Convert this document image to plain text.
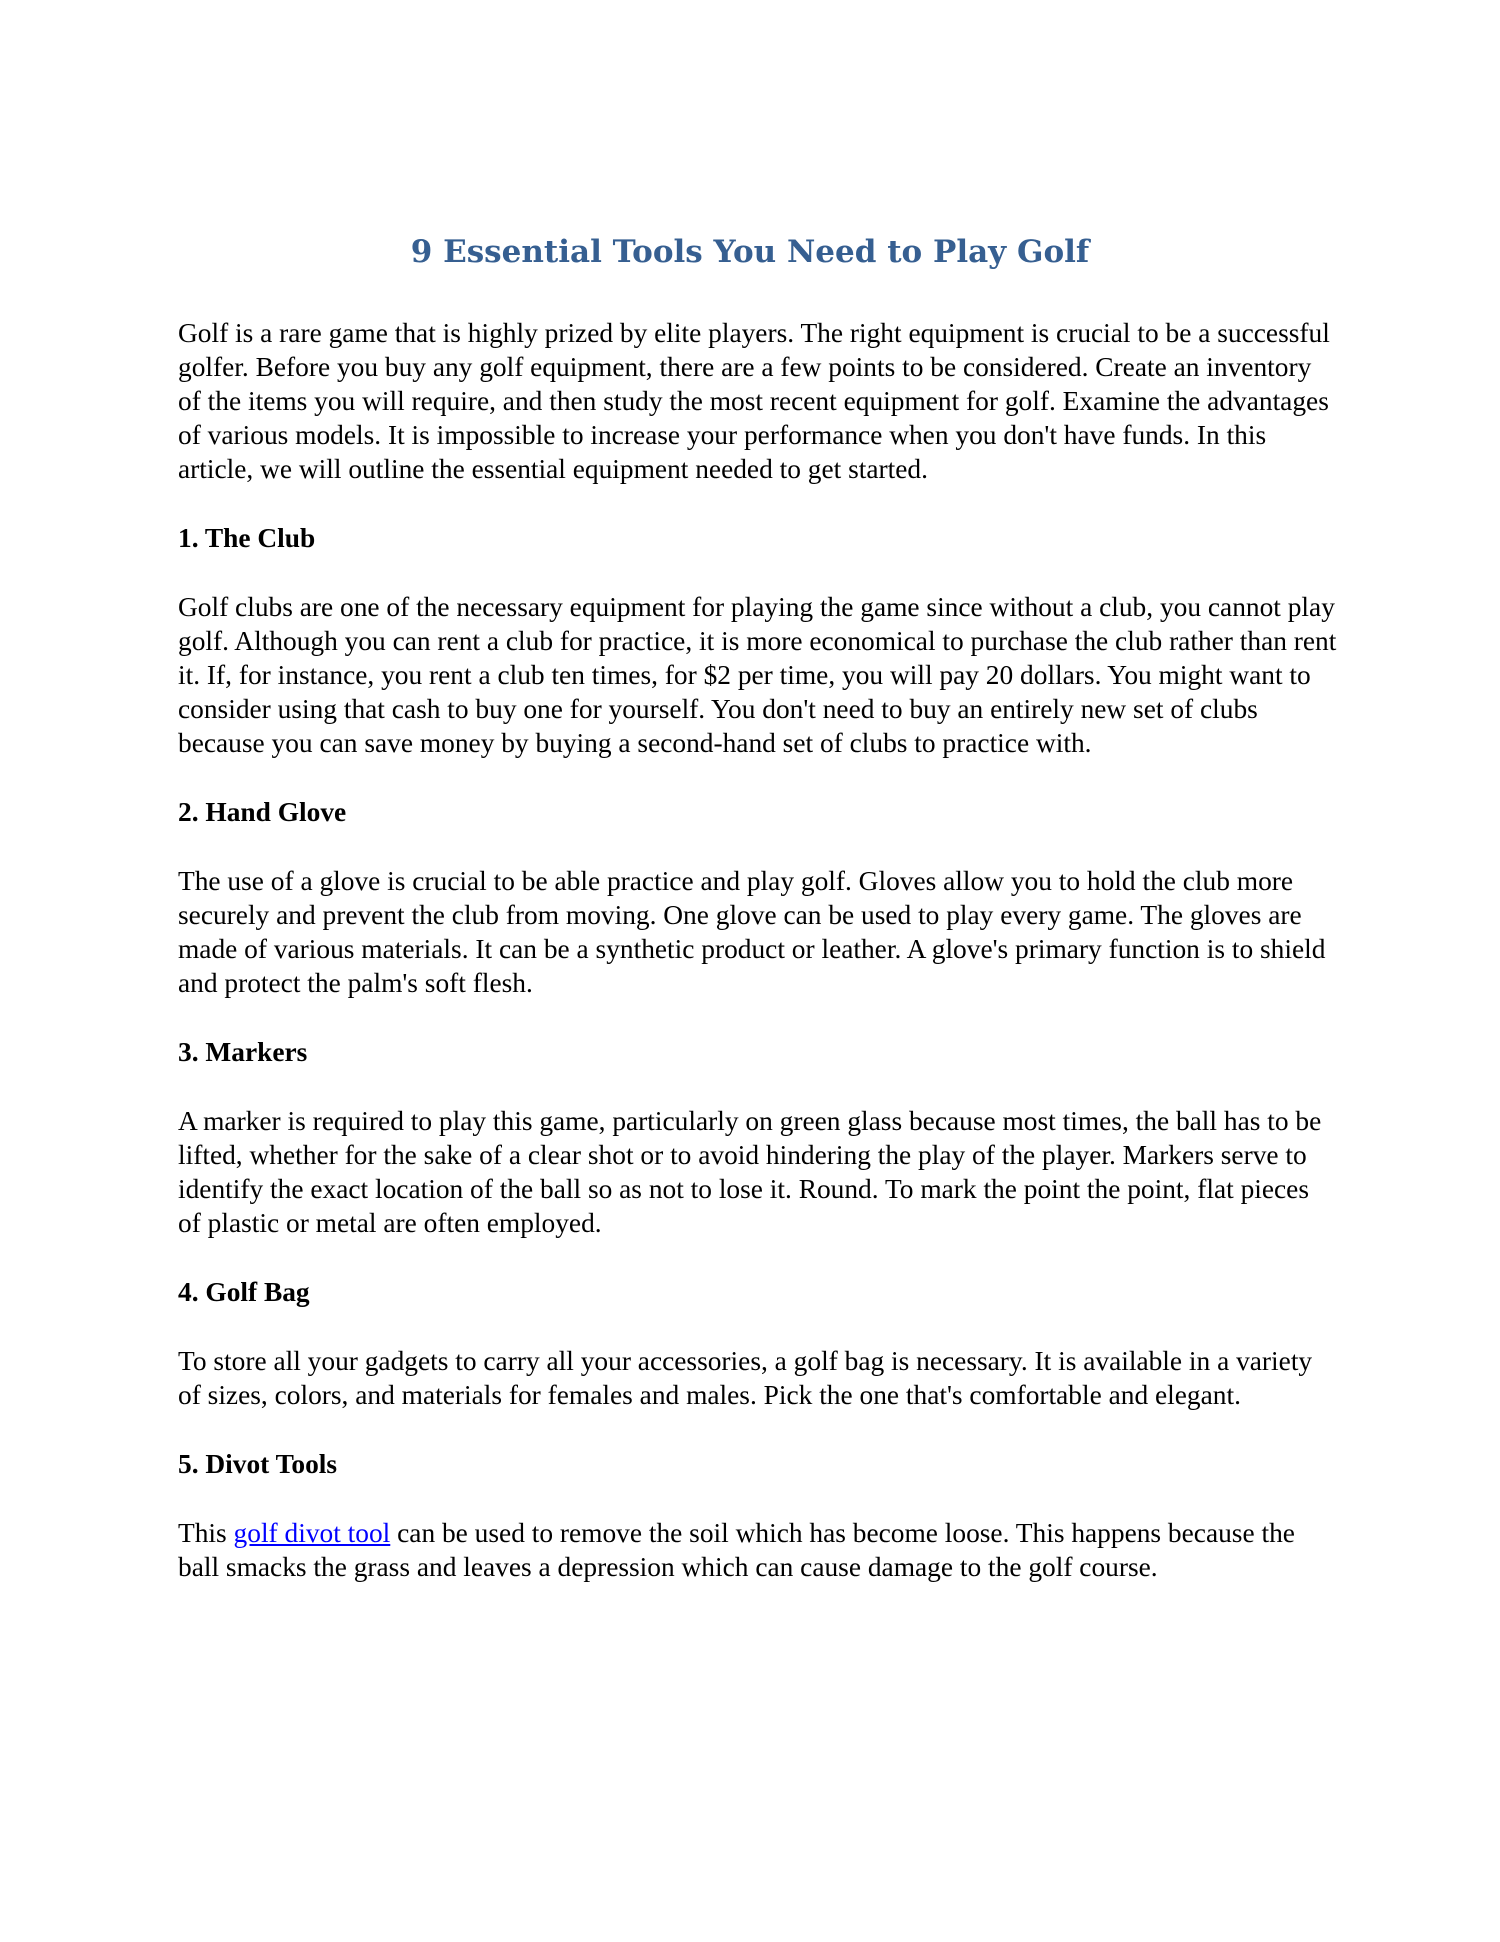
9 Essential Tools You Need to Play Golf

Golf is a rare game that is highly prized by elite players. The right equipment is crucial to be a successful golfer. Before you buy any golf equipment, there are a few points to be considered. Create an inventory of the items you will require, and then study the most recent equipment for golf. Examine the advantages of various models. It is impossible to increase your performance when you don't have funds. In this article, we will outline the essential equipment needed to get started.

1. The Club

Golf clubs are one of the necessary equipment for playing the game since without a club, you cannot play golf. Although you can rent a club for practice, it is more economical to purchase the club rather than rent it. If, for instance, you rent a club ten times, for $2 per time, you will pay 20 dollars. You might want to consider using that cash to buy one for yourself. You don't need to buy an entirely new set of clubs because you can save money by buying a second-hand set of clubs to practice with.

2. Hand Glove

The use of a glove is crucial to be able practice and play golf. Gloves allow you to hold the club more securely and prevent the club from moving. One glove can be used to play every game. The gloves are made of various materials. It can be a synthetic product or leather. A glove's primary function is to shield and protect the palm's soft flesh.

3. Markers

A marker is required to play this game, particularly on green glass because most times, the ball has to be lifted, whether for the sake of a clear shot or to avoid hindering the play of the player. Markers serve to identify the exact location of the ball so as not to lose it. Round. To mark the point the point, flat pieces of plastic or metal are often employed.

4. Golf Bag

To store all your gadgets to carry all your accessories, a golf bag is necessary. It is available in a variety of sizes, colors, and materials for females and males. Pick the one that's comfortable and elegant.

5. Divot Tools

This golf divot tool can be used to remove the soil which has become loose. This happens because the ball smacks the grass and leaves a depression which can cause damage to the golf course.
